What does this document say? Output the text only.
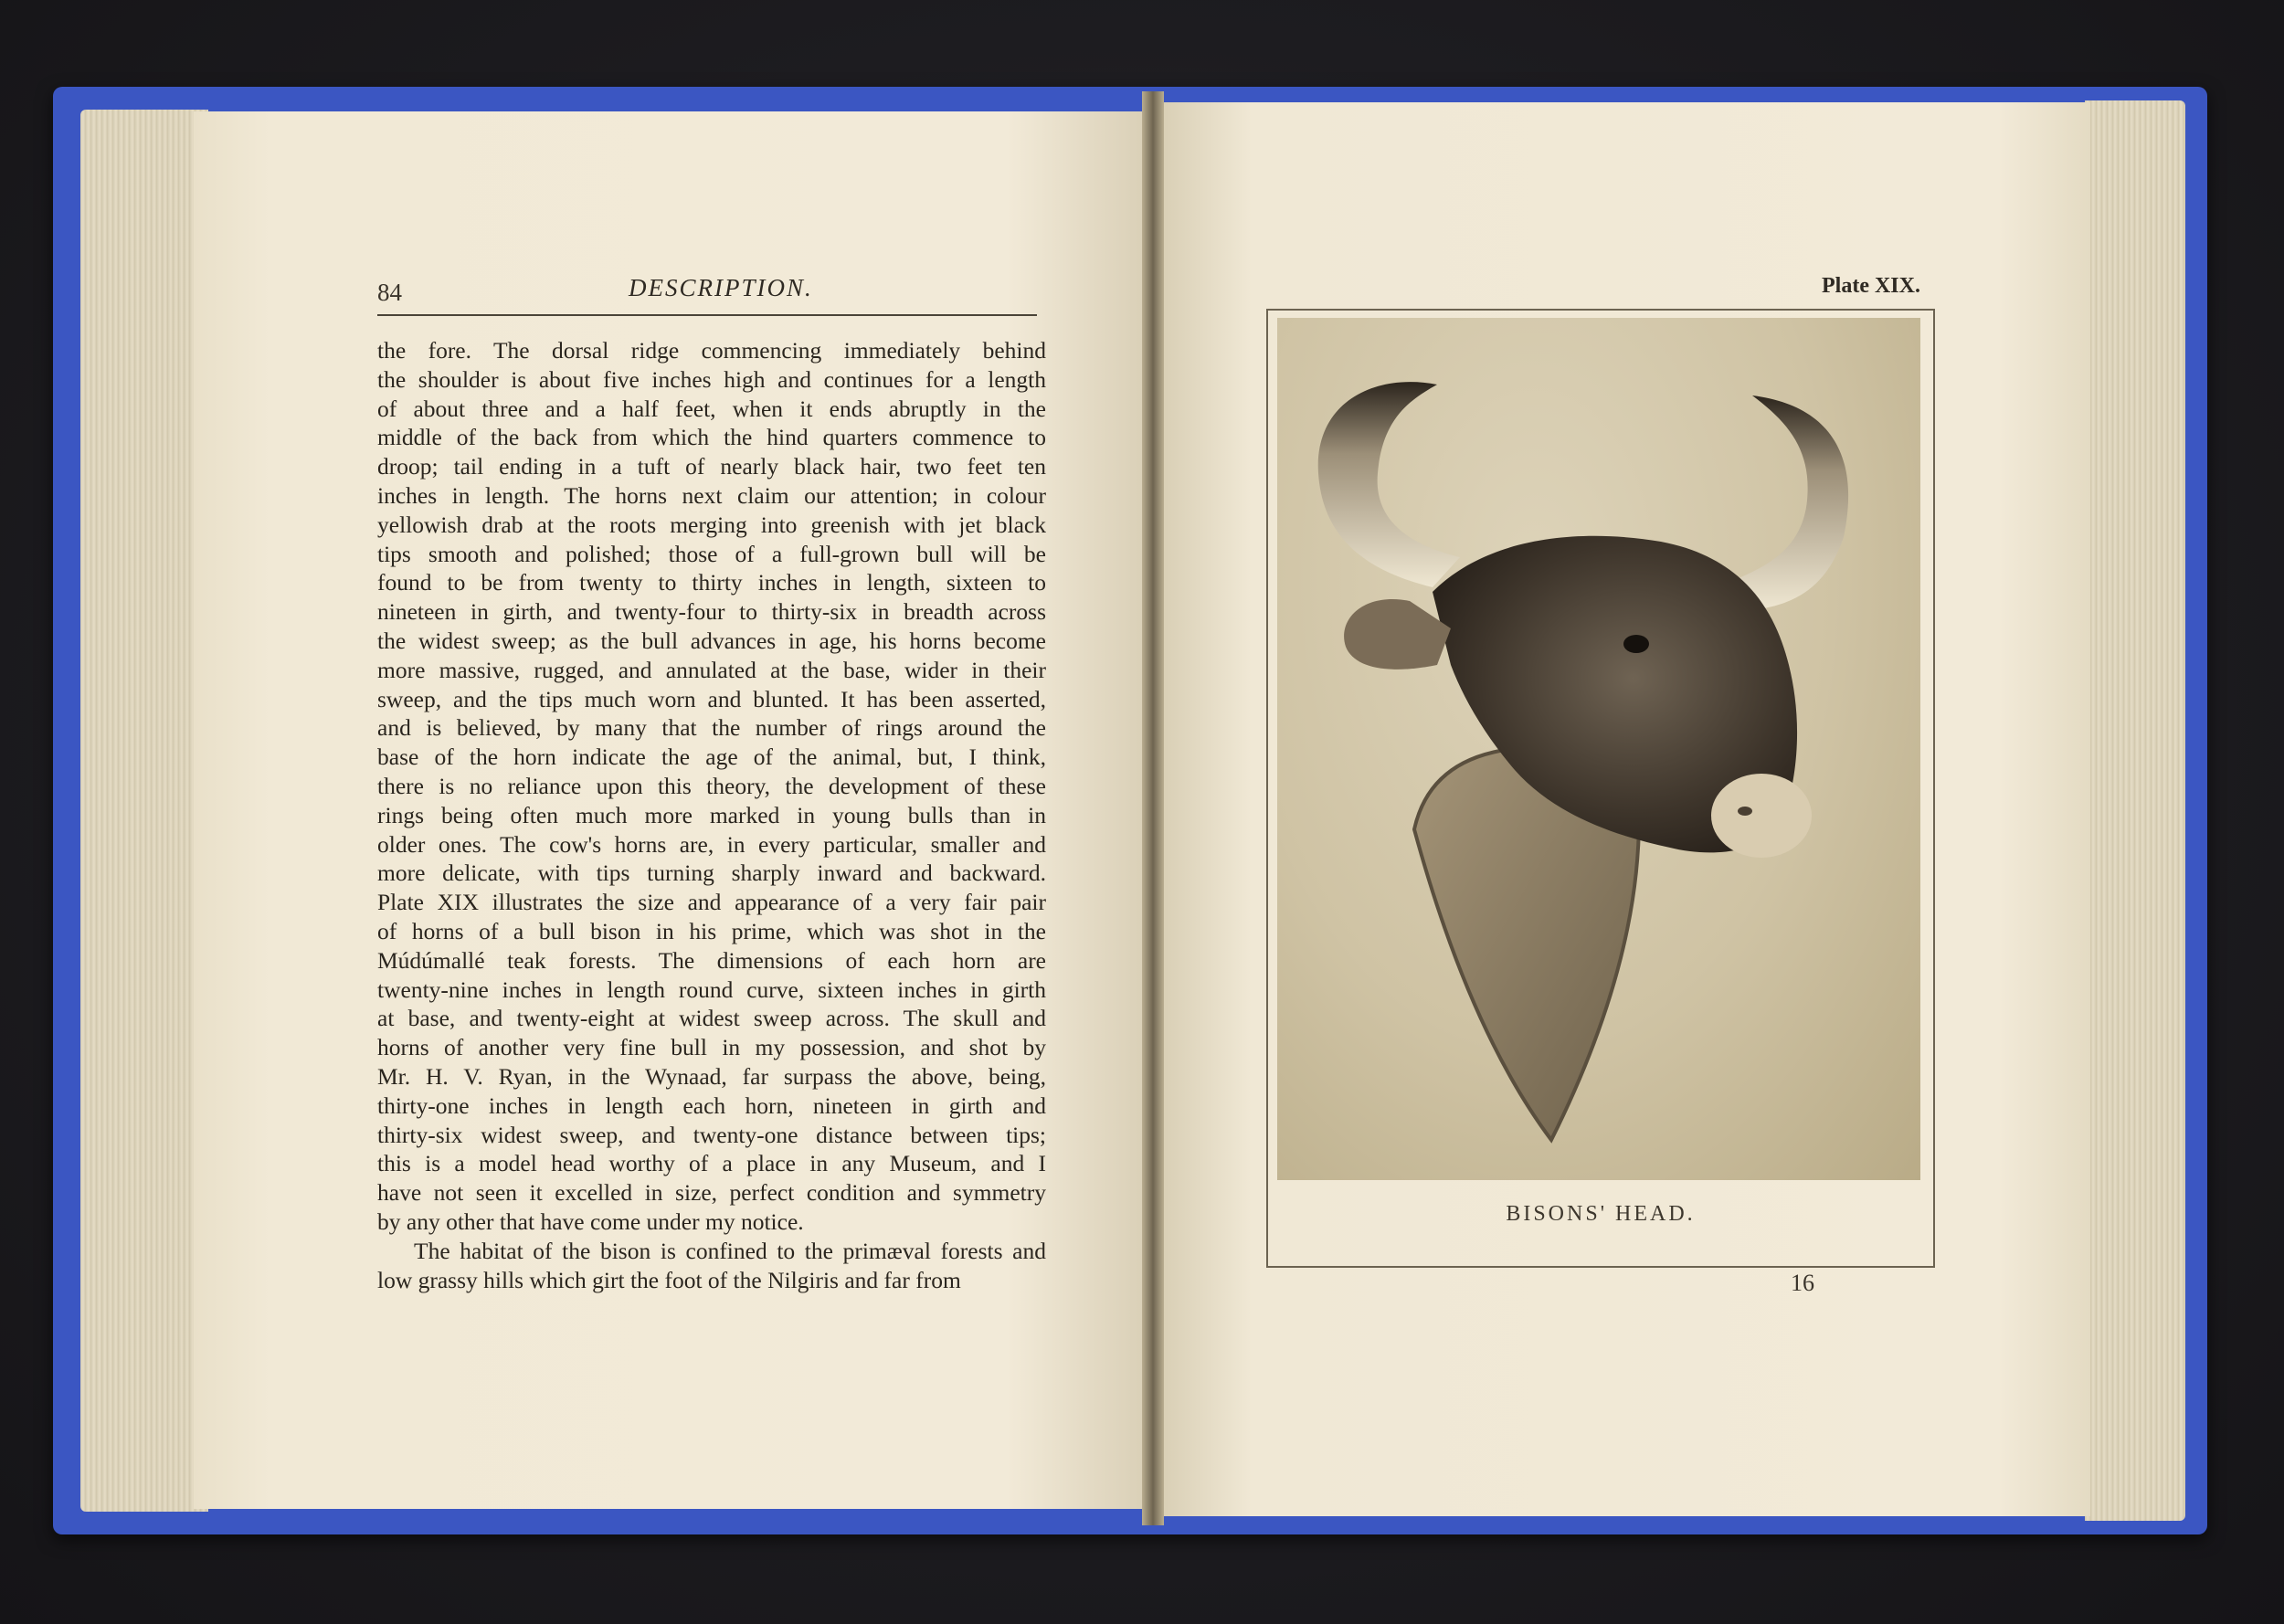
84	DESCRIPTION.
the fore. The dorsal ridge commencing immediately behind
the shoulder is about five inches high and continues for a length
of about three and a half feet, when it ends abruptly in the
middle of the back from which the hind quarters commence to
droop; tail ending in a tuft of nearly black hair, two feet ten
inches in length. The horns next claim our attention; in colour
yellowish drab at the roots merging into greenish with jet black
tips smooth and polished; those of a full-grown bull will be
found to be from twenty to thirty inches in length, sixteen to
nineteen in girth, and twenty-four to thirty-six in breadth across
the widest sweep; as the bull advances in age, his horns become
more massive, rugged, and annulated at the base, wider in their
sweep, and the tips much worn and blunted. It has been asserted,
and is believed, by many that the number of rings around the
base of the horn indicate the age of the animal, but, I think,
there is no reliance upon this theory, the development of these
rings being often much more marked in young bulls than in
older ones. The cow's horns are, in every particular, smaller and
more delicate, with tips turning sharply inward and backward.
Plate XIX illustrates the size and appearance of a very fair pair
of horns of a bull bison in his prime, which was shot in the
Múdúmallé teak forests. The dimensions of each horn are
twenty-nine inches in length round curve, sixteen inches in girth
at base, and twenty-eight at widest sweep across. The skull and
horns of another very fine bull in my possession, and shot by
Mr. H. V. Ryan, in the Wynaad, far surpass the above, being,
thirty-one inches in length each horn, nineteen in girth and
thirty-six widest sweep, and twenty-one distance between tips;
this is a model head worthy of a place in any Museum, and I
have not seen it excelled in size, perfect condition and symmetry
by any other that have come under my notice.
The habitat of the bison is confined to the primæval forests and
low grassy hills which girt the foot of the Nilgiris and far from
Plate XIX.
BISONS' HEAD.
16
